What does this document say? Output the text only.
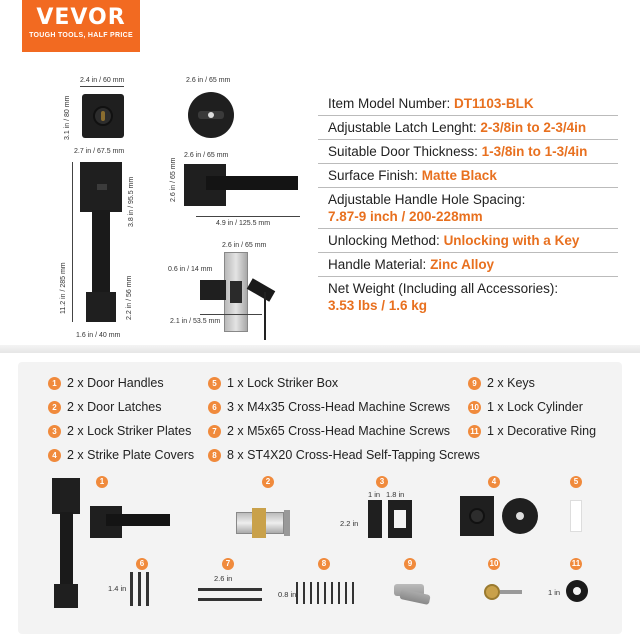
VEVOR
TOUGH TOOLS, HALF PRICE
2.4 in / 60 mm
3.1 in / 80 mm
2.6 in / 65 mm
2.7 in / 67.5 mm
3.8 in / 95.5 mm
11.2 in / 285 mm	2.2 in / 56 mm
1.6 in / 40 mm
2.6 in / 65 mm
2.6 in / 65 mm
4.9 in / 125.5 mm
2.6 in / 65 mm
0.6 in / 14 mm
2.1 in / 53.5 mm
Item Model Number: DT1103-BLK
Adjustable Latch Lenght: 2-3/8in to 2-3/4in
Suitable Door Thickness: 1-3/8in to 1-3/4in
Surface Finish: Matte Black
Adjustable Handle Hole Spacing:
7.87-9 inch / 200-228mm
Unlocking Method: Unlocking with a Key
Handle Material: Zinc Alloy
Net Weight (Including all Accessories):
3.53 lbs / 1.6 kg
1 2 x Door Handles
2 2 x Door Latches
3 2 x Lock Striker Plates
4 2 x Strike Plate Covers
5 1 x Lock Striker Box
6 3 x M4x35 Cross-Head Machine Screws
7 2 x M5x65 Cross-Head Machine Screws
8 8 x ST4X20 Cross-Head Self-Tapping Screws
9 2 x Keys
10 1 x Lock Cylinder
11 1 x Decorative Ring
1	2	3
1 in 1.8 in
2.2 in
4	5
6
1.4 in
7
2.6 in
8
0.8 in
9	10	11
1 in
